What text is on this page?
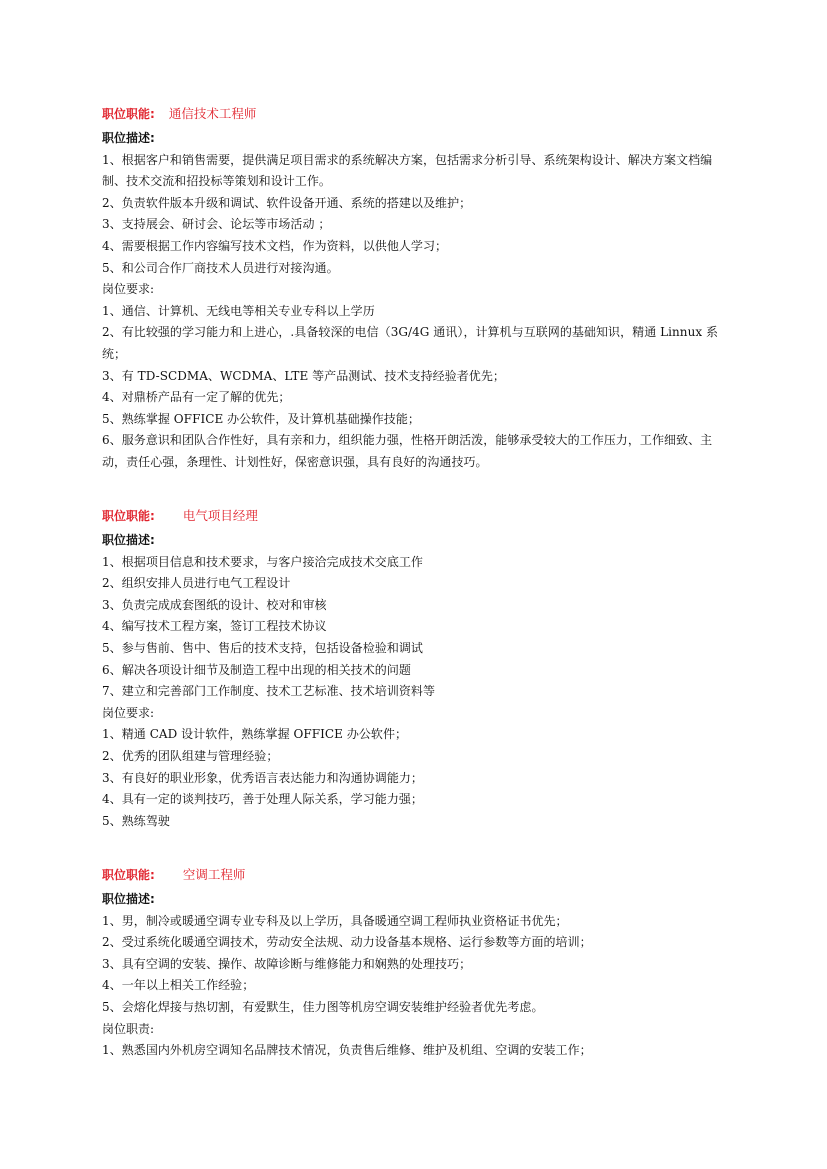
职位职能: 通信技术工程师
职位描述:
1、根据客户和销售需要，提供满足项目需求的系统解决方案，包括需求分析引导、系统架构设计、解决方案文档编制、技术交流和招投标等策划和设计工作。
2、负责软件版本升级和调试、软件设备开通、系统的搭建以及维护；
3、支持展会、研讨会、论坛等市场活动 ；
4、需要根据工作内容编写技术文档，作为资料，以供他人学习；
5、和公司合作厂商技术人员进行对接沟通。
岗位要求:
1、通信、计算机、无线电等相关专业专科以上学历
2、有比较强的学习能力和上进心，.具备较深的电信（3G/4G 通讯），计算机与互联网的基础知识，精通 Linnux 系统；
3、有 TD-SCDMA、WCDMA、LTE 等产品测试、技术支持经验者优先；
4、对鼎桥产品有一定了解的优先；
5、熟练掌握 OFFICE 办公软件，及计算机基础操作技能；
6、服务意识和团队合作性好，具有亲和力，组织能力强，性格开朗活泼，能够承受较大的工作压力，工作细致、主动，责任心强，条理性、计划性好，保密意识强，具有良好的沟通技巧。
职位职能: 电气项目经理
职位描述:
1、根据项目信息和技术要求，与客户接洽完成技术交底工作
2、组织安排人员进行电气工程设计
3、负责完成成套图纸的设计、校对和审核
4、编写技术工程方案，签订工程技术协议
5、参与售前、售中、售后的技术支持，包括设备检验和调试
6、解决各项设计细节及制造工程中出现的相关技术的问题
7、建立和完善部门工作制度、技术工艺标准、技术培训资料等
岗位要求:
1、精通 CAD 设计软件，熟练掌握 OFFICE 办公软件；
2、优秀的团队组建与管理经验；
3、有良好的职业形象，优秀语言表达能力和沟通协调能力；
4、具有一定的谈判技巧，善于处理人际关系，学习能力强；
5、熟练驾驶
职位职能: 空调工程师
职位描述:
1、男，制冷或暖通空调专业专科及以上学历，具备暖通空调工程师执业资格证书优先；
2、受过系统化暖通空调技术，劳动安全法规、动力设备基本规格、运行参数等方面的培训；
3、具有空调的安装、操作、故障诊断与维修能力和娴熟的处理技巧；
4、一年以上相关工作经验；
5、会熔化焊接与热切割，有爱默生，佳力图等机房空调安装维护经验者优先考虑。
岗位职责:
1、熟悉国内外机房空调知名品牌技术情况，负责售后维修、维护及机组、空调的安装工作；
